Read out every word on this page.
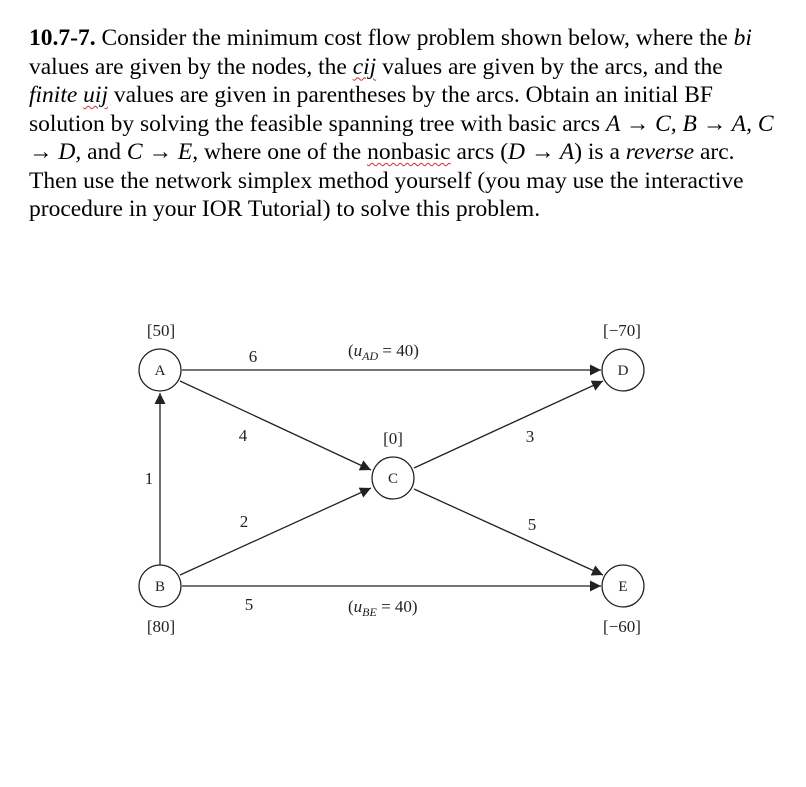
10.7-7. Consider the minimum cost flow problem shown below, where the bi values are given by the nodes, the cij values are given by the arcs, and the finite uij values are given in parentheses by the arcs. Obtain an initial BF solution by solving the feasible spanning tree with basic arcs A → C, B → A, C → D, and C → E, where one of the nonbasic arcs (D → A) is a reverse arc. Then use the network simplex method yourself (you may use the interactive procedure in your IOR Tutorial) to solve this problem.
A
B
C
D
E
[50]
[80]
[0]
[−70]
[−60]
6
4
1
2
5
3
5
$(u_{AD} = 40)$
$(u_{BE} = 40)$
